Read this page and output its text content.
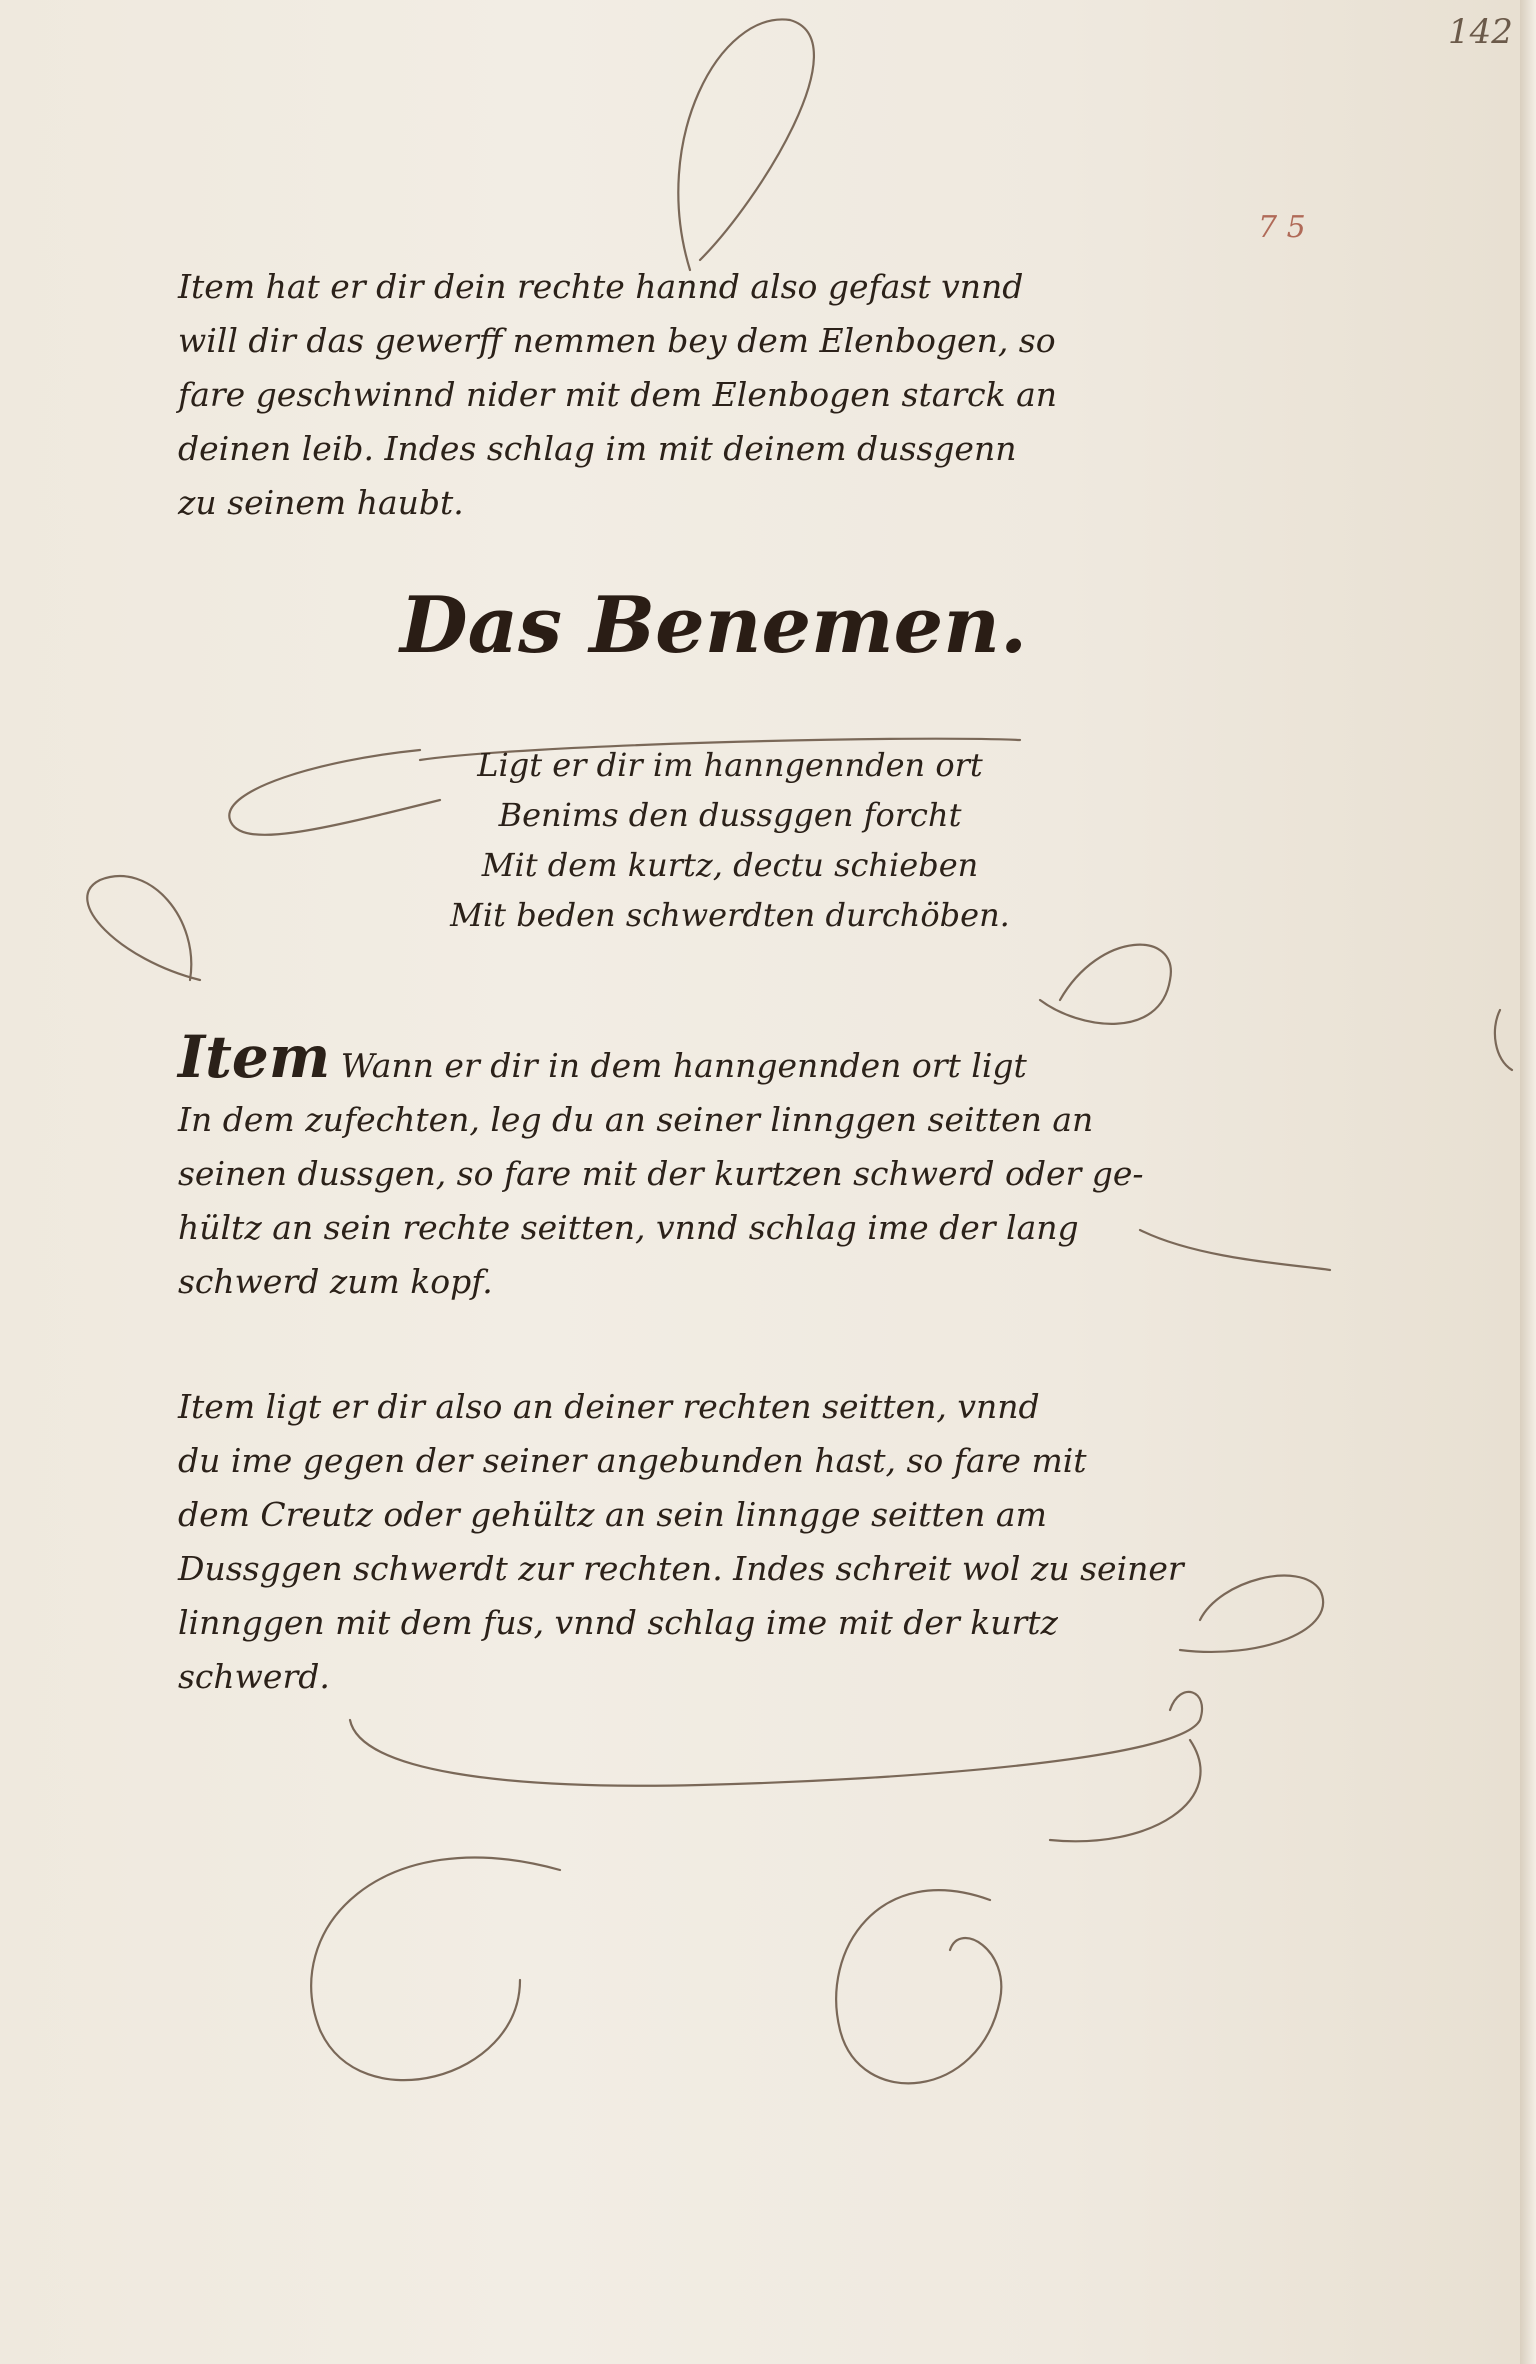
142
7 5
Item hat er dir dein rechte hannd also gefast vnnd
will dir das gewerff nemmen bey dem Elenbogen, so
fare geschwinnd nider mit dem Elenbogen starck an
deinen leib. Indes schlag im mit deinem dussgenn
zu seinem haubt.
Das Benemen.
Ligt er dir im hanngennden ort
Benims den dussggen forcht
Mit dem kurtz, dectu schieben
Mit beden schwerdten durchöben.
Item Wann er dir in dem hanngennden ort ligt
In dem zufechten, leg du an seiner linnggen seitten an
seinen dussgen, so fare mit der kurtzen schwerd oder ge-
hültz an sein rechte seitten, vnnd schlag ime der lang
schwerd zum kopf.
Item ligt er dir also an deiner rechten seitten, vnnd
du ime gegen der seiner angebunden hast, so fare mit
dem Creutz oder gehültz an sein linngge seitten am
Dussggen schwerdt zur rechten. Indes schreit wol zu seiner
linnggen mit dem fus, vnnd schlag ime mit der kurtz
schwerd.
